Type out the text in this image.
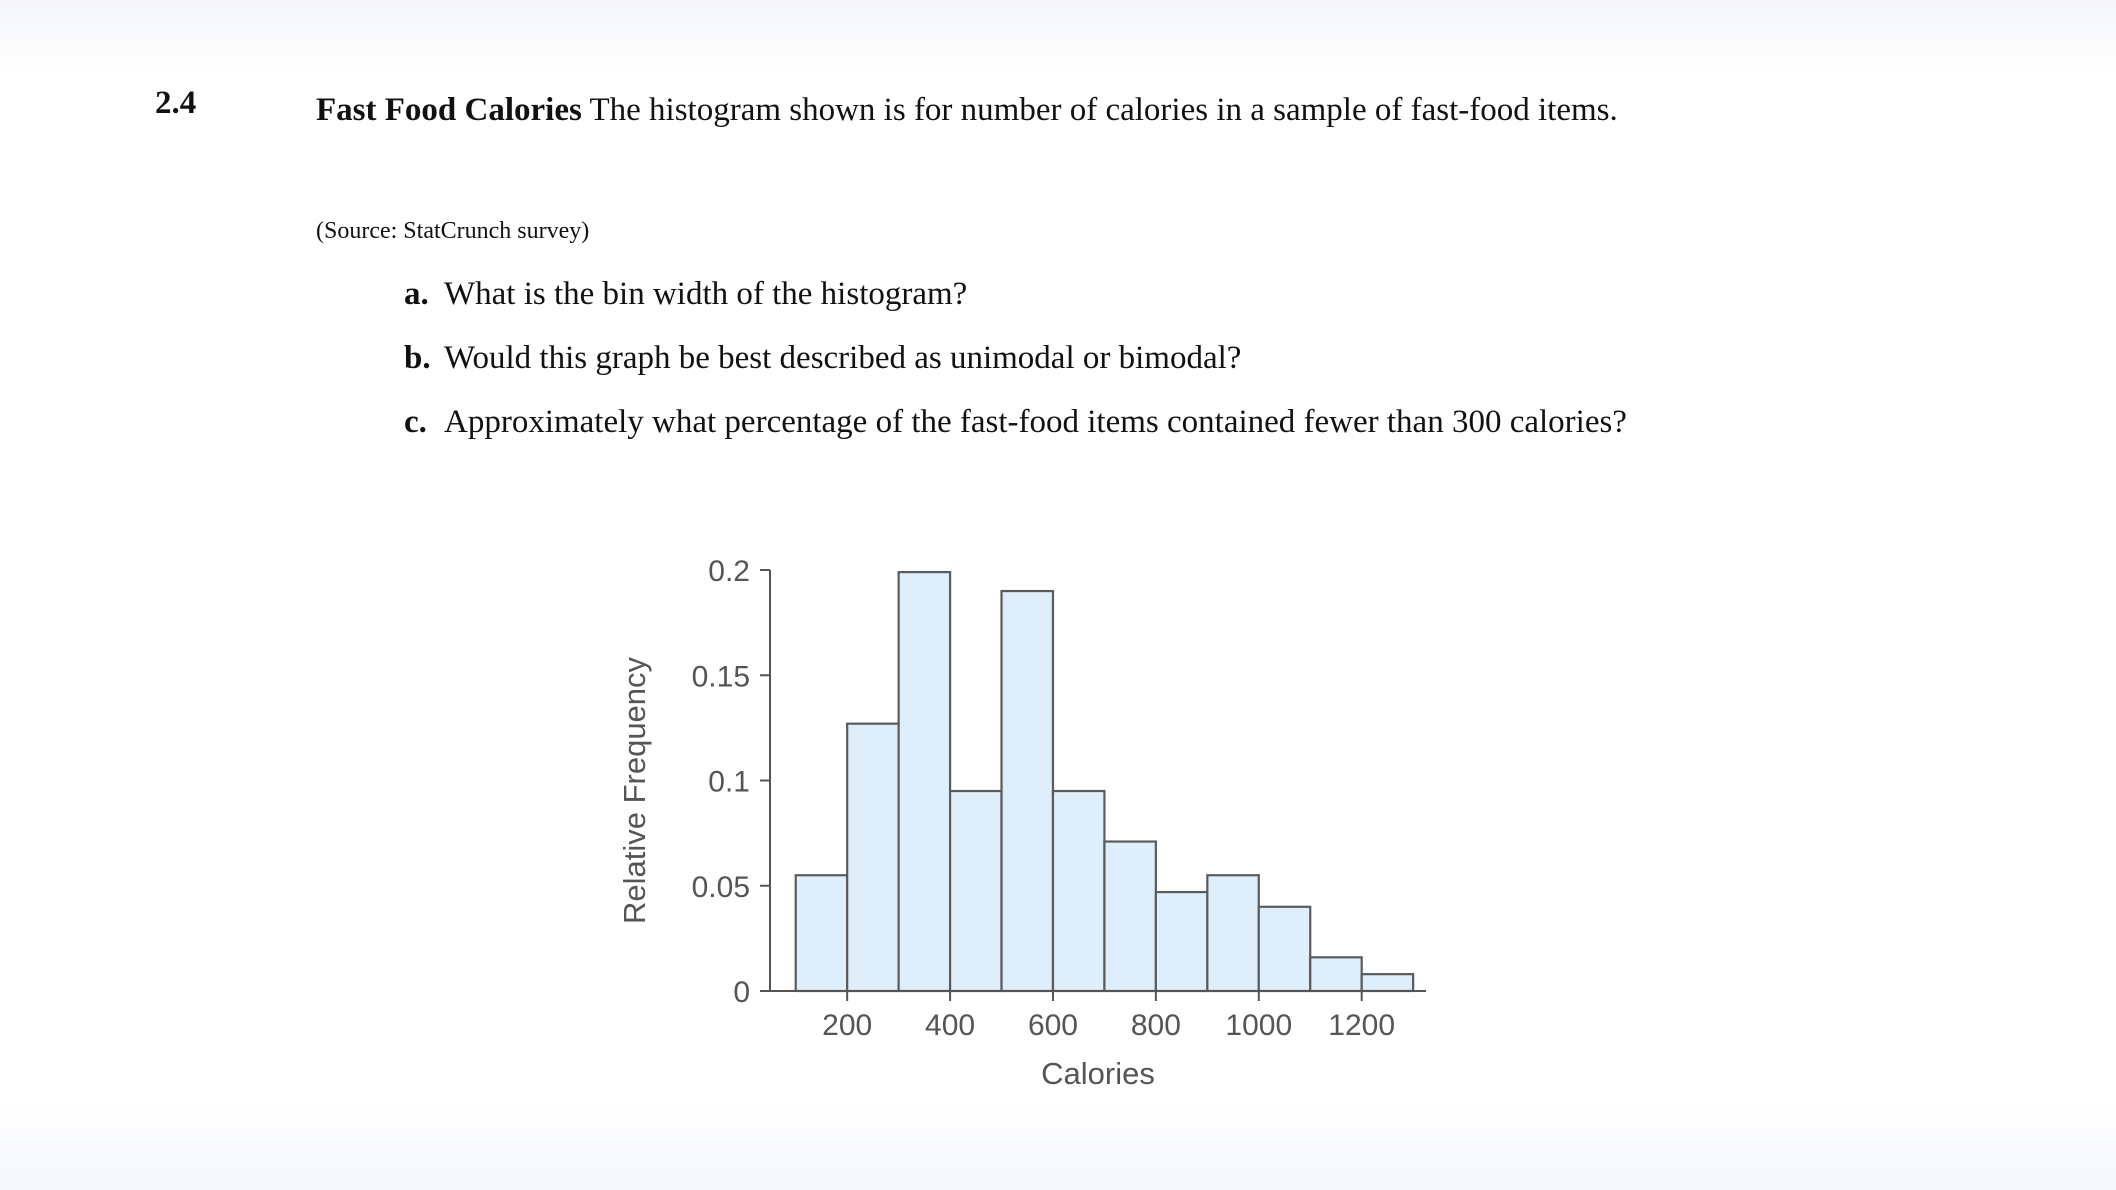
2.4	Fast Food Calories The histogram shown is for number of calories in a sample of fast-food items.
(Source: StatCrunch survey)
a. What is the bin width of the histogram?
b. Would this graph be best described as unimodal or bimodal?
c. Approximately what percentage of the fast-food items contained fewer than 300 calories?
0
0.05
0.1
0.15
0.2
200 400 600 800 1000 1200
Calories
Relative Frequency
